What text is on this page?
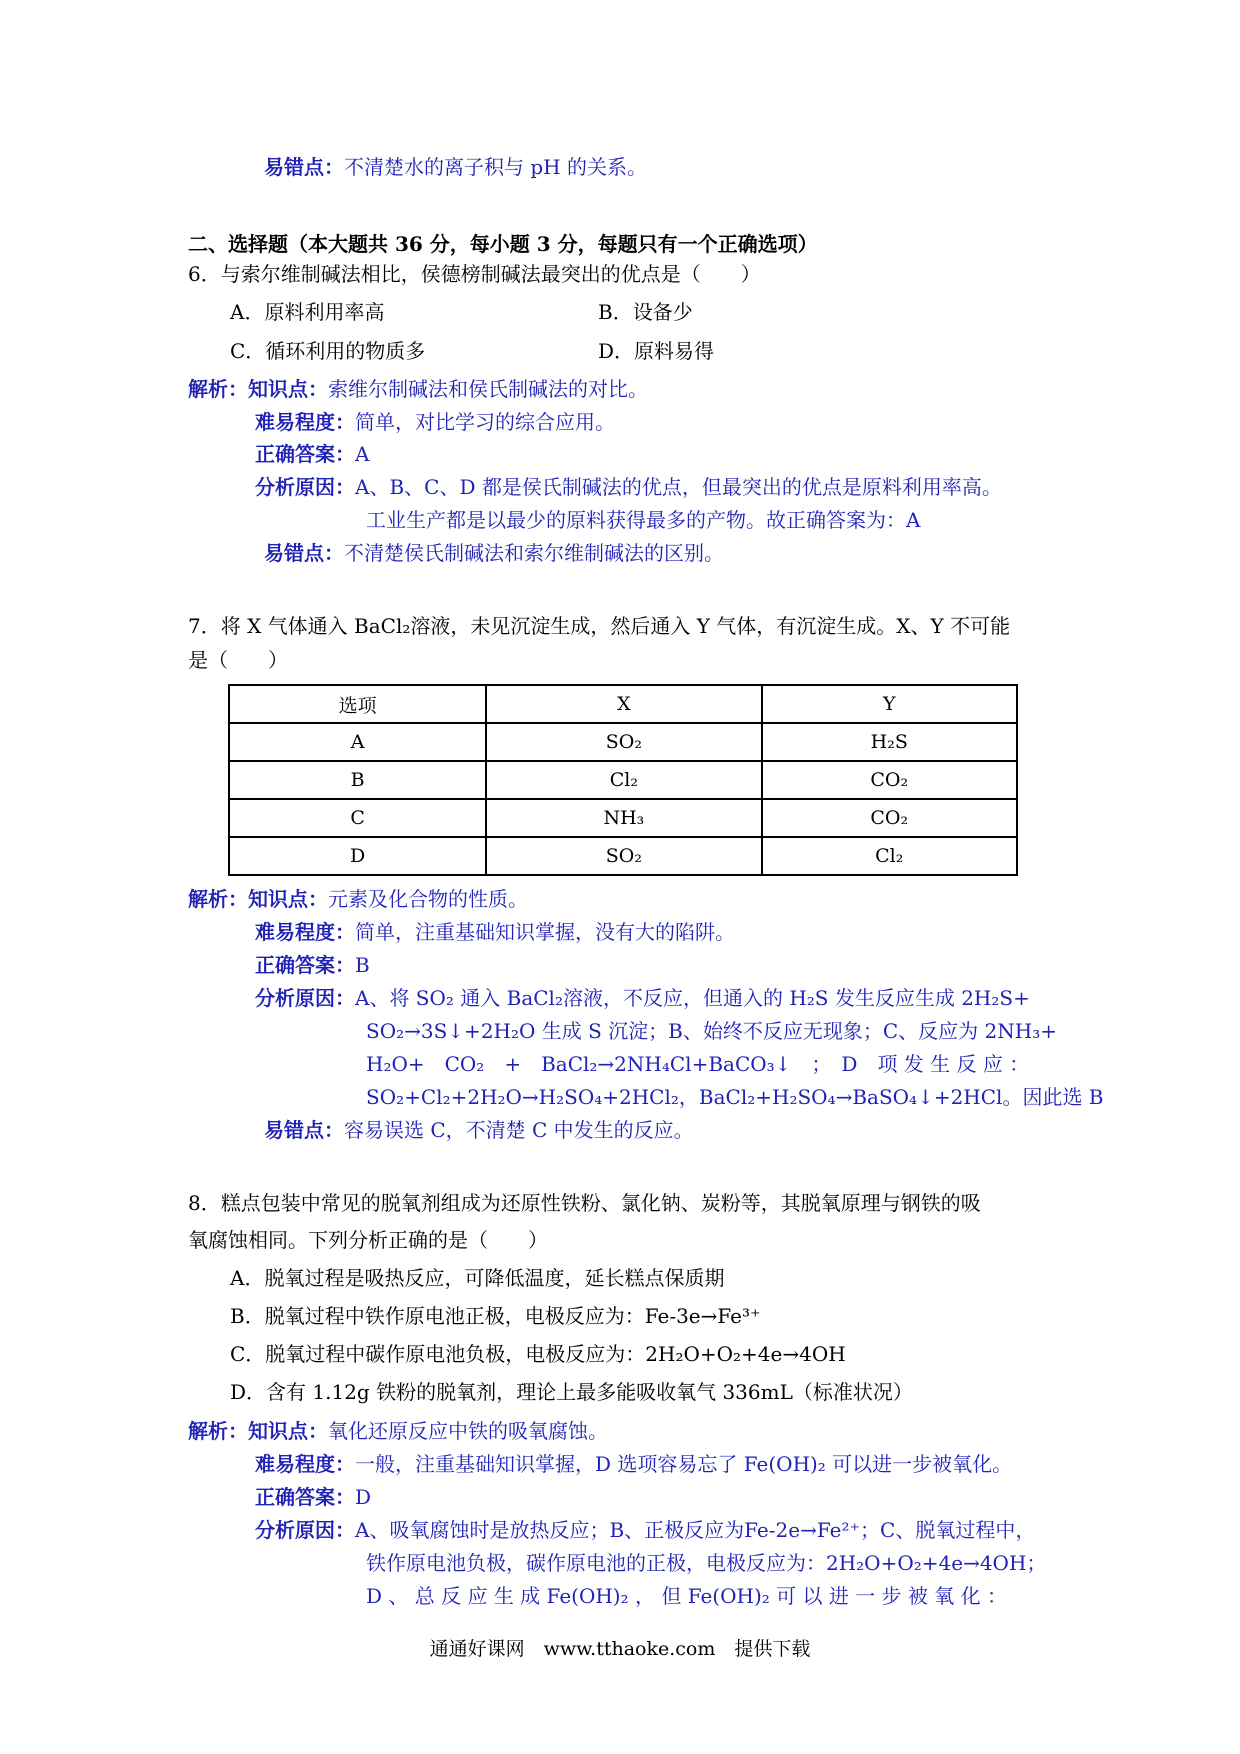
易错点：不清楚水的离子积与 pH 的关系。
二、选择题（本大题共 36 分，每小题 3 分，每题只有一个正确选项）
6．与索尔维制碱法相比，侯德榜制碱法最突出的优点是（　　）
A．原料利用率高	B．设备少
C．循环利用的物质多	D．原料易得
解析：知识点：索维尔制碱法和侯氏制碱法的对比。
难易程度：简单，对比学习的综合应用。
正确答案：A
分析原因：A、B、C、D 都是侯氏制碱法的优点，但最突出的优点是原料利用率高。
工业生产都是以最少的原料获得最多的产物。故正确答案为：A
易错点：不清楚侯氏制碱法和索尔维制碱法的区别。
7．将 X 气体通入 BaCl₂溶液，未见沉淀生成，然后通入 Y 气体，有沉淀生成。X、Y 不可能
是（　　）
选项	X	Y
A	SO₂	H₂S
B	Cl₂	CO₂
C	NH₃	CO₂
D	SO₂	Cl₂
解析：知识点：元素及化合物的性质。
难易程度：简单，注重基础知识掌握，没有大的陷阱。
正确答案：B
分析原因：A、将 SO₂ 通入 BaCl₂溶液，不反应，但通入的 H₂S 发生反应生成 2H₂S+
SO₂→3S↓+2H₂O 生成 S 沉淀；B、始终不反应无现象；C、反应为 2NH₃+
H₂O+　CO₂　+　BaCl₂→2NH₄Cl+BaCO₃↓　；　D　项 发 生 反 应 ：
SO₂+Cl₂+2H₂O→H₂SO₄+2HCl₂，BaCl₂+H₂SO₄→BaSO₄↓+2HCl。因此选 B
易错点：容易误选 C，不清楚 C 中发生的反应。
8．糕点包装中常见的脱氧剂组成为还原性铁粉、氯化钠、炭粉等，其脱氧原理与钢铁的吸
氧腐蚀相同。下列分析正确的是（　　）
A．脱氧过程是吸热反应，可降低温度，延长糕点保质期
B．脱氧过程中铁作原电池正极，电极反应为：Fe-3e→Fe³⁺
C．脱氧过程中碳作原电池负极，电极反应为：2H₂O+O₂+4e→4OH
D．含有 1.12g 铁粉的脱氧剂，理论上最多能吸收氧气 336mL（标准状况）
解析：知识点：氧化还原反应中铁的吸氧腐蚀。
难易程度：一般，注重基础知识掌握，D 选项容易忘了 Fe(OH)₂ 可以进一步被氧化。
正确答案：D
分析原因：A、吸氧腐蚀时是放热反应；B、正极反应为Fe-2e→Fe²⁺；C、脱氧过程中，
铁作原电池负极，碳作原电池的正极，电极反应为：2H₂O+O₂+4e→4OH；
D 、 总 反 应 生 成 Fe(OH)₂ ， 但 Fe(OH)₂ 可 以 进 一 步 被 氧 化 ：
通通好课网　www.tthaoke.com　提供下载
